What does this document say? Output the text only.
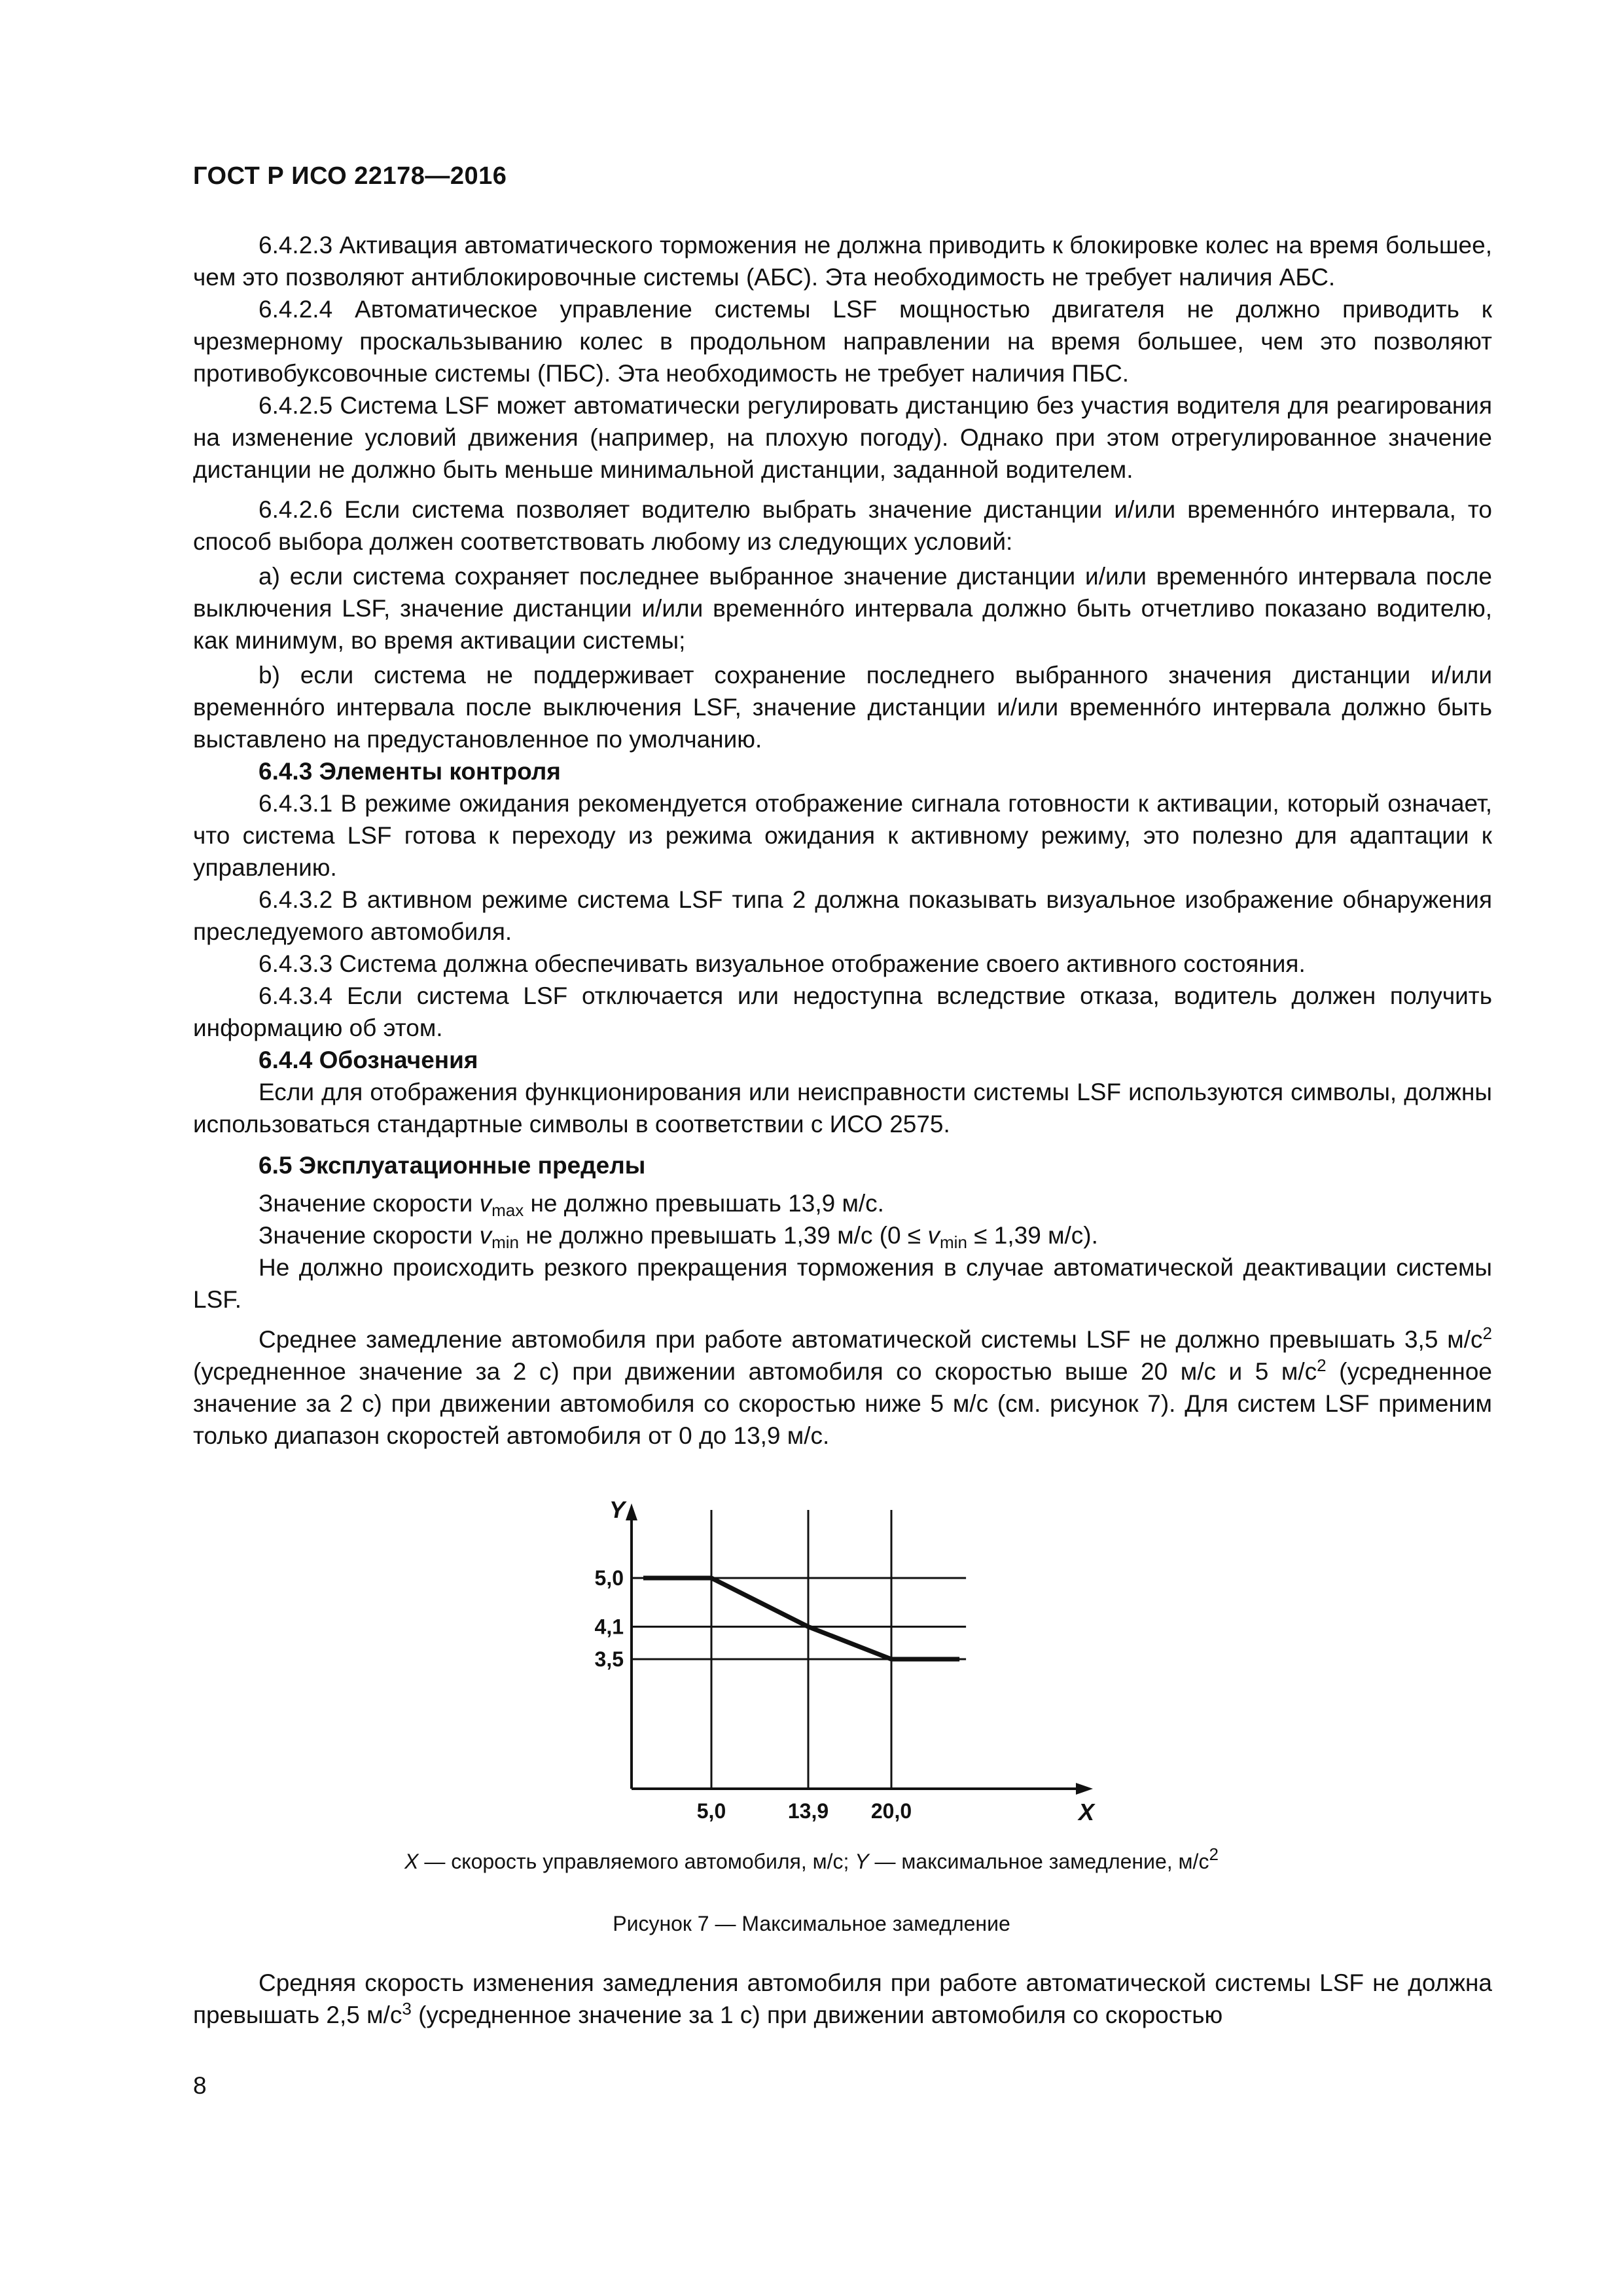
ГОСТ Р ИСО 22178—2016

6.4.2.3 Активация автоматического торможения не должна приводить к блокировке колес на время большее, чем это позволяют антиблокировочные системы (АБС). Эта необходимость не требует наличия АБС.

6.4.2.4 Автоматическое управление системы LSF мощностью двигателя не должно приводить к чрезмерному проскальзыванию колес в продольном направлении на время большее, чем это позволяют противобуксовочные системы (ПБС). Эта необходимость не требует наличия ПБС.

6.4.2.5 Система LSF может автоматически регулировать дистанцию без участия водителя для реагирования на изменение условий движения (например, на плохую погоду). Однако при этом отрегулированное значение дистанции не должно быть меньше минимальной дистанции, заданной водителем.

6.4.2.6 Если система позволяет водителю выбрать значение дистанции и/или временно́го интервала, то способ выбора должен соответствовать любому из следующих условий:

a) если система сохраняет последнее выбранное значение дистанции и/или временно́го интервала после выключения LSF, значение дистанции и/или временно́го интервала должно быть отчетливо показано водителю, как минимум, во время активации системы;

b) если система не поддерживает сохранение последнего выбранного значения дистанции и/или временно́го интервала после выключения LSF, значение дистанции и/или временно́го интервала должно быть выставлено на предустановленное по умолчанию.

6.4.3 Элементы контроля

6.4.3.1 В режиме ожидания рекомендуется отображение сигнала готовности к активации, который означает, что система LSF готова к переходу из режима ожидания к активному режиму, это полезно для адаптации к управлению.

6.4.3.2 В активном режиме система LSF типа 2 должна показывать визуальное изображение обнаружения преследуемого автомобиля.

6.4.3.3 Система должна обеспечивать визуальное отображение своего активного состояния.

6.4.3.4 Если система LSF отключается или недоступна вследствие отказа, водитель должен получить информацию об этом.

6.4.4 Обозначения

Если для отображения функционирования или неисправности системы LSF используются символы, должны использоваться стандартные символы в соответствии с ИСО 2575.

6.5 Эксплуатационные пределы

Значение скорости $v_{max}$ не должно превышать 13,9 м/с.

Значение скорости $v_{min}$ не должно превышать 1,39 м/с ($0 \le v_{min} \le 1,39$ м/с).

Не должно происходить резкого прекращения торможения в случае автоматической деактивации системы LSF.

Среднее замедление автомобиля при работе автоматической системы LSF не должно превышать 3,5 $м/с^2$ (усредненное значение за 2 с) при движении автомобиля со скоростью выше 20 м/с и 5 $м/с^2$ (усредненное значение за 2 с) при движении автомобиля со скоростью ниже 5 м/с (см. рисунок 7). Для систем LSF применим только диапазон скоростей автомобиля от 0 до 13,9 м/с.

5,0	13,9 20,0
5,0
4,1
3,5
X
Y
X — скорость управляемого автомобиля, м/с; Y — максимальное замедление, $м/с^2$
Рисунок 7 — Максимальное замедление

Средняя скорость изменения замедления автомобиля при работе автоматической системы LSF не должна превышать 2,5 $м/с^3$ (усредненное значение за 1 с) при движении автомобиля со скоростью

8
